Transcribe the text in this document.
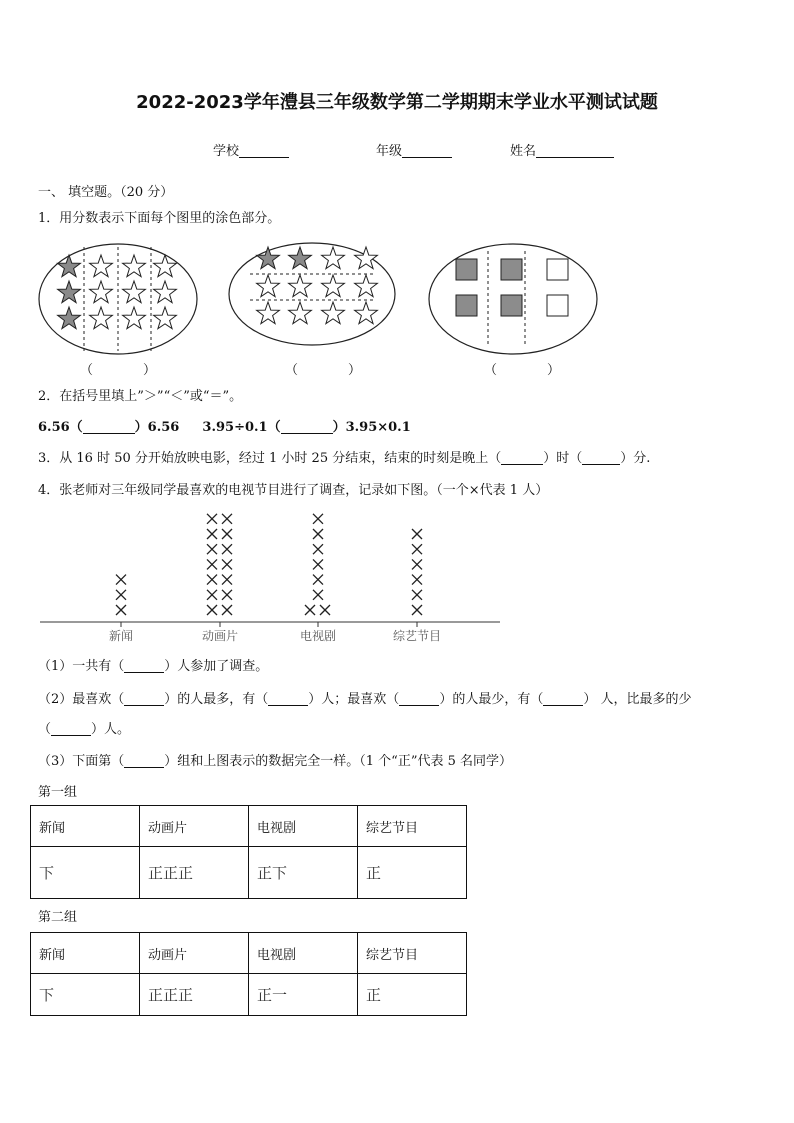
2022-2023学年澧县三年级数学第二学期期末学业水平测试试题
学校	年级	姓名
一、 填空题。（20 分）
1．用分数表示下面每个图里的涂色部分。
（	）	（	）	（	）
2．在括号里填上”＞”“＜”或“＝”。
6.56（	）6.56 3.95÷0.1（	）3.95×0.1
3．从 16 时 50 分开始放映电影，经过 1 小时 25 分结束，结束的时刻是晚上（	）时（	）分.
4．张老师对三年级同学最喜欢的电视节目进行了调查，记录如下图。（一个×代表 1 人）
新闻	动画片	电视剧	综艺节目
（1）一共有（	）人参加了调查。
（2）最喜欢（	）的人最多，有（	）人；最喜欢（	）的人最少，有（	） 人，比最多的少
（	）人。
（3）下面第（	）组和上图表示的数据完全一样。（1 个“正”代表 5 名同学）
第一组
新闻	动画片	电视剧	综艺节目
下	正正正	正下	正
第二组
新闻	动画片	电视剧	综艺节目
下	正正正	正一	正
